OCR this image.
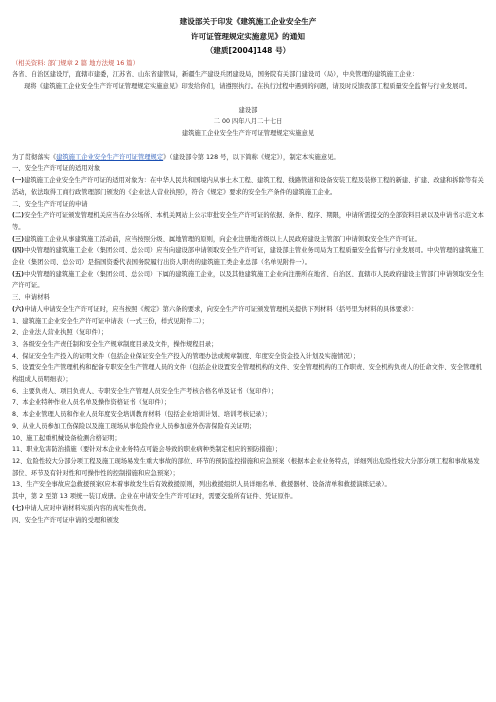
建设部关于印发《建筑施工企业安全生产
许可证管理规定实施意见》的通知
（建质[2004]148 号）

（相关资料: 部门规章 2 篇 地方法规 16 篇）

各省、自治区建设厅，直辖市建委，江苏省、山东省建管局，新疆生产建设兵团建设局，国务院有关部门建设司（局），中央管理的建筑施工企业：

现将《建筑施工企业安全生产许可证管理规定实施意见》印发给你们，请遵照执行。在执行过程中遇到的问题，请及时反馈我部工程质量安全监督与行业发展司。

建设部

二 00 四年八月二十七日

建筑施工企业安全生产许可证管理规定实施意见

为了贯彻落实《建筑施工企业安全生产许可证管理规定》（建设部令第 128 号，以下简称《规定》），制定本实施意见。

一、安全生产许可证的适用对象

(一)建筑施工企业安全生产许可证的适用对象为：在中华人民共和国境内从事土木工程、建筑工程、线路管道和设备安装工程及装修工程的新建、扩建、改建和拆除等有关活动，依法取得工商行政管理部门颁发的《企业法人营业执照》，符合《规定》要求的安全生产条件的建筑施工企业。

二、安全生产许可证的申请

(二)安全生产许可证颁发管理机关应当在办公场所、本机关网站上公示审批安全生产许可证的依据、条件、程序、期限，申请所需提交的全部资料目录以及申请书示范文本等。

(三)建筑施工企业从事建筑施工活动前，应当按照分级、属地管理的原则，向企业注册地省级以上人民政府建设主管部门申请领取安全生产许可证。

(四)中央管理的建筑施工企业（集团公司、总公司）应当向建设部申请领取安全生产许可证，建设部主管业务司局为工程质量安全监督与行业发展司。中央管理的建筑施工企业（集团公司、总公司）是指国资委代表国务院履行出资人职责的建筑施工类企业总部（名单见附件一）。

(五)中央管理的建筑施工企业（集团公司、总公司）下属的建筑施工企业，以及其他建筑施工企业向注册所在地省、自治区、直辖市人民政府建设主管部门申请领取安全生产许可证。

三、申请材料

(六)申请人申请安全生产许可证时，应当按照《规定》第六条的要求，向安全生产许可证颁发管理机关提供下列材料（括号里为材料的具体要求）：

1、建筑施工企业安全生产许可证申请表（一式三份，样式见附件二）；

2、企业法人营业执照（复印件）；

3、各级安全生产责任制和安全生产规章制度目录及文件，操作规程目录；

4、保证安全生产投入的证明文件（包括企业保证安全生产投入的管理办法或规章制度、年度安全资金投入计划及实施情况）；

5、设置安全生产管理机构和配备专职安全生产管理人员的文件（包括企业设置安全管理机构的文件、安全管理机构的工作职责、安全机构负责人的任命文件、安全管理机构组成人员明细表）；

6、主要负责人、项目负责人、专职安全生产管理人员安全生产考核合格名单及证书（复印件）；

7、本企业特种作业人员名单及操作资格证书（复印件）；

8、本企业管理人员和作业人员年度安全培训教育材料（包括企业培训计划、培训考核记录）；

9、从业人员参加工伤保险以及施工现场从事危险作业人员参加意外伤害保险有关证明；

10、施工起重机械设备检测合格证明；

11、职业危害防治措施（要针对本企业业务特点可能会导致的职业病种类制定相应的预防措施）；

12、危险性较大分部分项工程及施工现场易发生重大事故的部位、环节的预防监控措施和应急预案（根据本企业业务特点，详细列出危险性较大分部分项工程和事故易发部位、环节及有针对性和可操作性的控制措施和应急预案）；

13、生产安全事故应急救援预案(应本着事故发生后有效救援原则，列出救援组织人员详细名单、救援器材、设备清单和救援演练记录）。

其中，第 2 至第 13 项统一装订成册。企业在申请安全生产许可证时，需要交验所有证件、凭证原件。

(七)申请人应对申请材料实质内容的真实性负责。

四、安全生产许可证申请的受理和颁发
